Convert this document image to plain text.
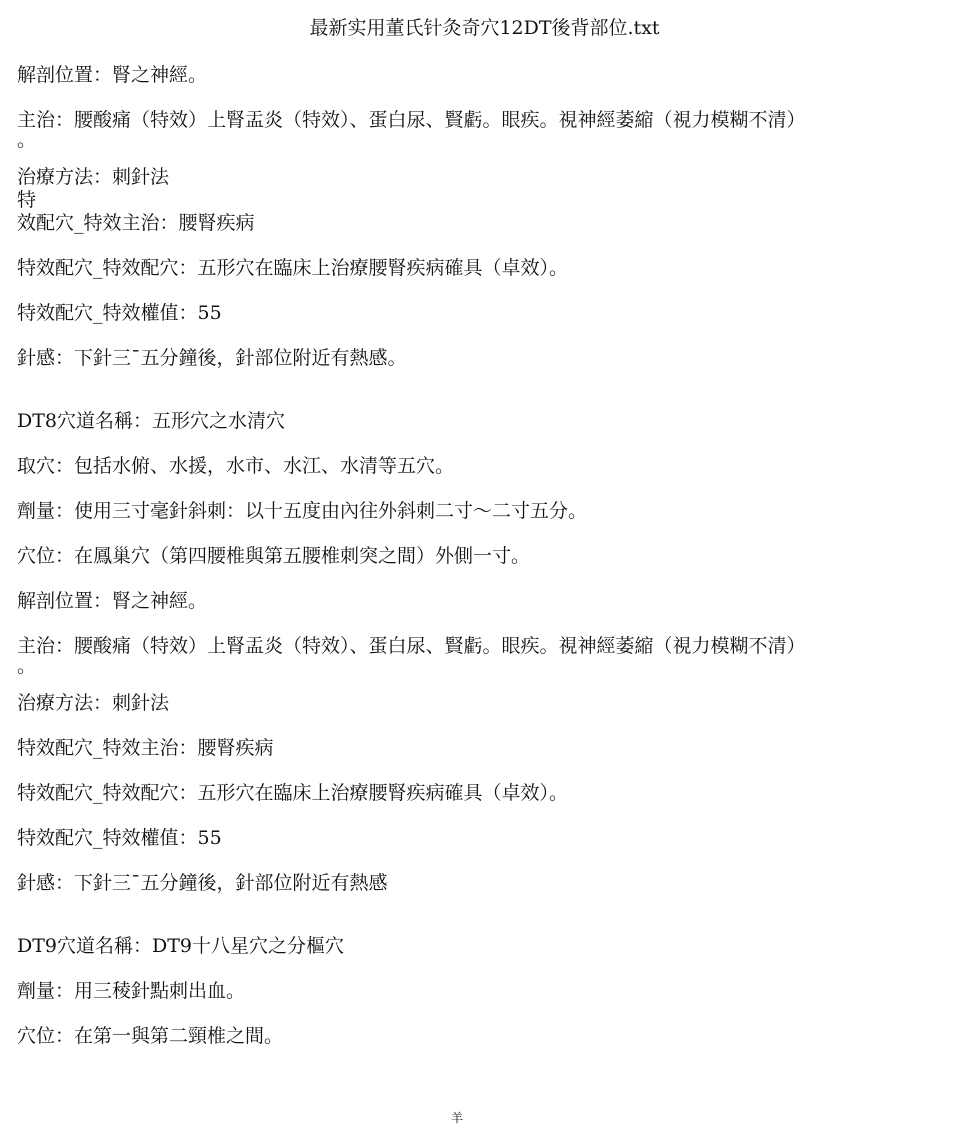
最新实用董氏针灸奇穴12DT後背部位.txt
解剖位置：腎之神經。
主治：腰酸痛（特效）上腎盂炎（特效）、蛋白尿、賢虧。眼疾。視神經萎縮（視力模糊不清）
。
治療方法：刺針法
特
效配穴_特效主治：腰腎疾病
特效配穴_特效配穴：五形穴在臨床上治療腰腎疾病確具（卓效）。
特效配穴_特效權值：55
針感：下針三¯五分鐘後，針部位附近有熱感。
DT8穴道名稱：五形穴之水清穴
取穴：包括水俯、水援，水市、水江、水清等五穴。
劑量：使用三寸毫針斜刺：以十五度由內往外斜刺二寸～二寸五分。
穴位：在鳳巢穴（第四腰椎與第五腰椎刺突之間）外側一寸。
解剖位置：腎之神經。
主治：腰酸痛（特效）上腎盂炎（特效）、蛋白尿、賢虧。眼疾。視神經萎縮（視力模糊不清）
。
治療方法：刺針法
特效配穴_特效主治：腰腎疾病
特效配穴_特效配穴：五形穴在臨床上治療腰腎疾病確具（卓效）。
特效配穴_特效權值：55
針感：下針三¯五分鐘後，針部位附近有熱感
DT9穴道名稱：DT9十八星穴之分樞穴
劑量：用三稜針點刺出血。
穴位：在第一與第二頸椎之間。
羊
